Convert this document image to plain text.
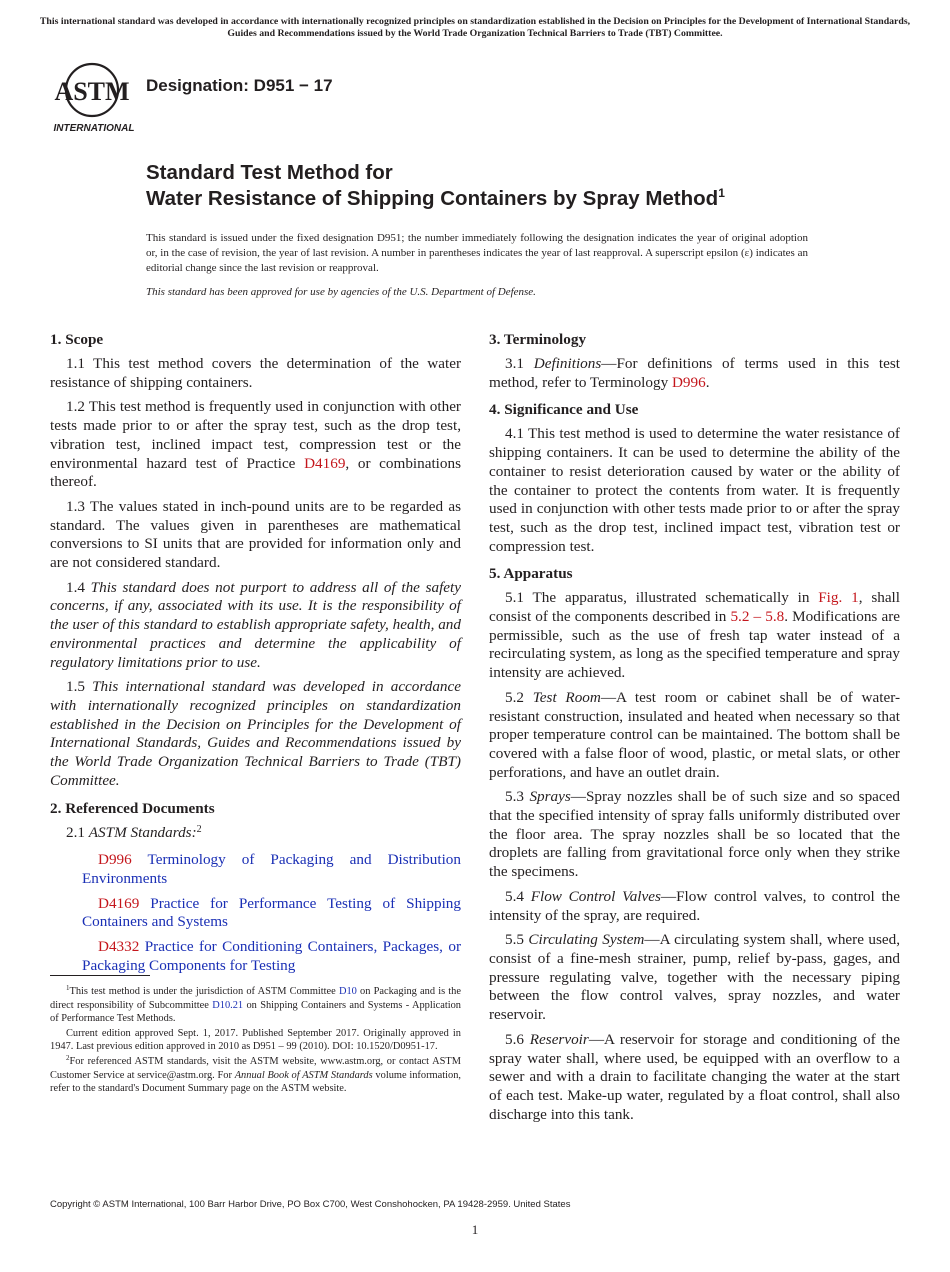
This international standard was developed in accordance with internationally recognized principles on standardization established in the Decision on Principles for the Development of International Standards, Guides and Recommendations issued by the World Trade Organization Technical Barriers to Trade (TBT) Committee.
ASTM
INTERNATIONAL
Designation: D951 − 17
Standard Test Method for
Water Resistance of Shipping Containers by Spray Method$^1$
This standard is issued under the fixed designation D951; the number immediately following the designation indicates the year of original adoption or, in the case of revision, the year of last revision. A number in parentheses indicates the year of last reapproval. A superscript epsilon (ε) indicates an editorial change since the last revision or reapproval.
This standard has been approved for use by agencies of the U.S. Department of Defense.
1. Scope

1.1 This test method covers the determination of the water resistance of shipping containers.

1.2 This test method is frequently used in conjunction with other tests made prior to or after the spray test, such as the drop test, vibration test, inclined impact test, compression test or the environmental hazard test of Practice D4169, or combinations thereof.

1.3 The values stated in inch-pound units are to be regarded as standard. The values given in parentheses are mathematical conversions to SI units that are provided for information only and are not considered standard.

1.4 This standard does not purport to address all of the safety concerns, if any, associated with its use. It is the responsibility of the user of this standard to establish appropriate safety, health, and environmental practices and determine the applicability of regulatory limitations prior to use.

1.5 This international standard was developed in accordance with internationally recognized principles on standardization established in the Decision on Principles for the Development of International Standards, Guides and Recommendations issued by the World Trade Organization Technical Barriers to Trade (TBT) Committee.

2. Referenced Documents

2.1 ASTM Standards:$^2$

D996 Terminology of Packaging and Distribution Environments

D4169 Practice for Performance Testing of Shipping Containers and Systems

D4332 Practice for Conditioning Containers, Packages, or Packaging Components for Testing

$^1$This test method is under the jurisdiction of ASTM Committee D10 on Packaging and is the direct responsibility of Subcommittee D10.21 on Shipping Containers and Systems - Application of Performance Test Methods.

Current edition approved Sept. 1, 2017. Published September 2017. Originally approved in 1947. Last previous edition approved in 2010 as D951 – 99 (2010). DOI: 10.1520/D0951-17.

$^2$For referenced ASTM standards, visit the ASTM website, www.astm.org, or contact ASTM Customer Service at service@astm.org. For Annual Book of ASTM Standards volume information, refer to the standard's Document Summary page on the ASTM website.

3. Terminology

3.1 Definitions—For definitions of terms used in this test method, refer to Terminology D996.

4. Significance and Use

4.1 This test method is used to determine the water resistance of shipping containers. It can be used to determine the ability of the container to resist deterioration caused by water or the ability of the container to protect the contents from water. It is frequently used in conjunction with other tests made prior to or after the spray test, such as the drop test, inclined impact test, vibration test or compression test.

5. Apparatus

5.1 The apparatus, illustrated schematically in Fig. 1, shall consist of the components described in 5.2 – 5.8. Modifications are permissible, such as the use of fresh tap water instead of a recirculating system, as long as the specified temperature and spray intensity are achieved.

5.2 Test Room—A test room or cabinet shall be of water-resistant construction, insulated and heated when necessary so that proper temperature control can be maintained. The bottom shall be covered with a false floor of wood, plastic, or metal slats, or other perforations, and have an outlet drain.

5.3 Sprays—Spray nozzles shall be of such size and so spaced that the specified intensity of spray falls uniformly distributed over the floor area. The spray nozzles shall be so located that the droplets are falling from gravitational force only when they strike the specimens.

5.4 Flow Control Valves—Flow control valves, to control the intensity of the spray, are required.

5.5 Circulating System—A circulating system shall, where used, consist of a fine-mesh strainer, pump, relief by-pass, gages, and pressure regulating valve, together with the necessary piping between the flow control valves, spray nozzles, and water reservoir.

5.6 Reservoir—A reservoir for storage and conditioning of the spray water shall, where used, be equipped with an overflow to a sewer and with a drain to facilitate changing the water at the start of each test. Make-up water, regulated by a float control, shall also discharge into this tank.

Copyright © ASTM International, 100 Barr Harbor Drive, PO Box C700, West Conshohocken, PA 19428-2959. United States
1
